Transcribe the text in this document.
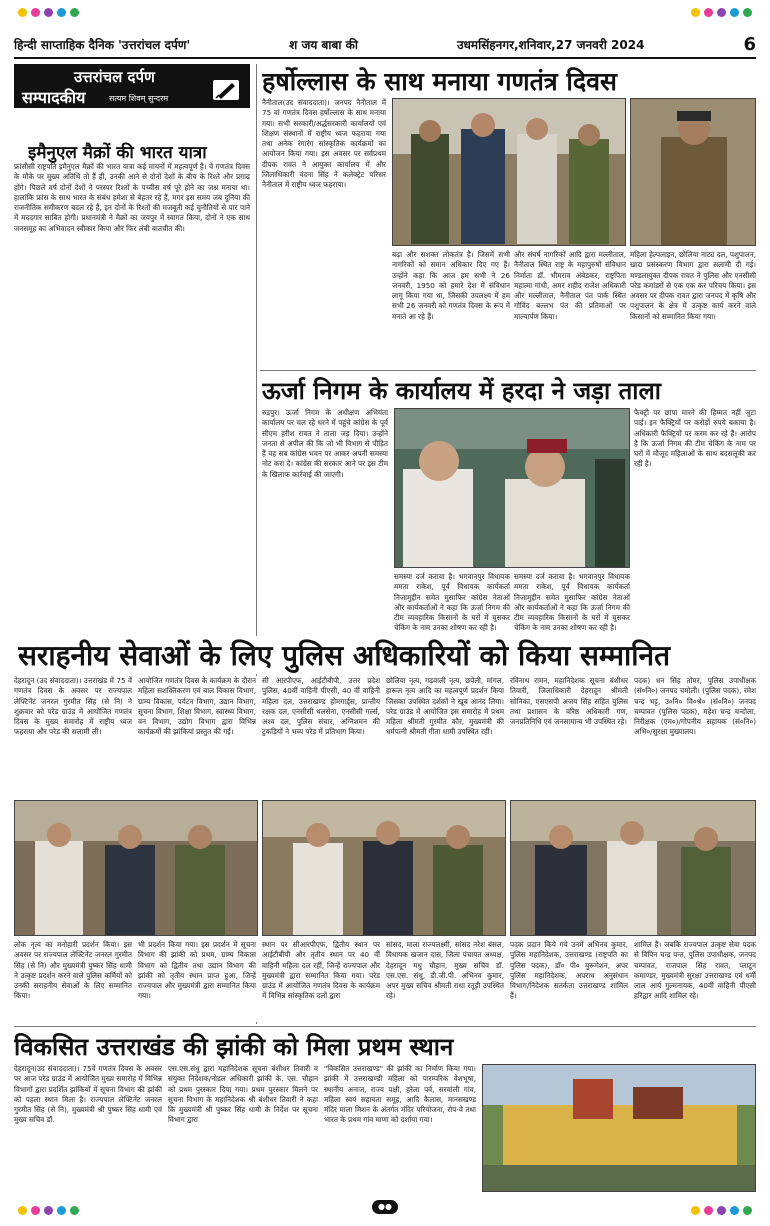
हिन्दी साप्ताहिक दैनिक 'उत्तरांचल दर्पण'	श जय बाबा की	उधमसिंहनगर,शनिवार,27 जनवरी 2024	6
उत्तरांचल दर्पण
सम्पादकीय	सत्यम शिवम् सुन्दरम
इमैनुएल मैक्रों की भारत यात्रा
फ्रांसीसी राष्ट्रपति इमैनुएल मैक्रों की भारत यात्रा कई मायनों में महत्वपूर्ण है। वे गणतंत्र दिवस के मौके पर मुख्य अतिथि तो हैं ही, उनकी आने से दोनों देशों के बीच के रिश्ते और प्रगाढ़ होंगे। पिछले वर्ष दोनों देशों ने परस्पर रिश्तों के पच्चीस वर्ष पूरे होने का जश्न मनाया था। हालांकि फ्रांस के साथ भारत के संबंध हमेशा से बेहतर रहे हैं, मगर इस समय जब दुनिया की राजनीतिक समीकरण बदल रहे हैं, इन दोनों के रिश्तों की मजबूती कई चुनौतियों से पार पाने में मददगार साबित होगी। प्रधानमंत्री ने मैक्रों का जयपुर में स्वागत किया, दोनों ने एक साथ जनसमूह का अभिवादन स्वीकार किया और फिर लंबी बातचीत की।
हर्षोल्लास के साथ मनाया गणतंत्र दिवस
नैनीताल(उद संवाददाता)। जनपद नैनीताल में 75 वां गणतंत्र दिवस हर्षोल्लास के साथ मनाया गया। सभी सरकारी/अर्द्धसरकारी कार्यालयों एवं शिक्षण संस्थानों में राष्ट्रीय ध्वज फहराया गया तथा अनेक रंगारंग सांस्कृतिक कार्यक्रमों का आयोजन किया गया। इस अवसर पर सर्वप्रथम दीपक रावत ने आयुक्त कार्यालय में और जिलाधिकारी वंदना सिंह ने कलेक्ट्रेट परिसर नैनीताल में राष्ट्रीय ध्वज फहराया।
बढ़ा और सशक्त लोकतंत्र है। जिसमें सभी नागरिकों को समान अधिकार दिए गए हैं। उन्होंने कहा कि आज हम सभी ने 26 जनवरी, 1950 को हमारे देश में संविधान लागू किया गया था, जिसकी उपलक्ष्य में हम सभी 26 जनवरी को गणतंत्र दिवस के रूप में मनाते आ रहे हैं।
और संघर्ष नागरिकों आदि द्वारा मल्लीताल, नैनीताल स्थित राष्ट्र के महापुरुषों संविधान निर्माता डॉ. भीमराव अंबेडकर, राष्ट्रपिता महात्मा गांधी, अमर शहीद राजेश अधिकारी और मल्लीताल, नैनीताल पंत पार्क स्थित गोविंद बल्लभ पंत की प्रतिमाओं पर माल्यार्पण किया।
महिला हेल्पलाइन, छोलिया नाट्य दल, पशुपालन, खाद्य प्रसंस्करण विभाग द्वारा सलामी दी गई। मण्डलायुक्त दीपक रावत ने पुलिस और एनसीसी परेड कमांडरों से एक एक कर परिचय किया। इस अवसर पर दीपक रावत द्वारा जनपद में कृषि और पशुपालन के क्षेत्र में उत्कृष्ट कार्य करने वाले किसानों को सम्मानित किया गया।
ऊर्जा निगम के कार्यालय में हरदा ने जड़ा ताला
रुद्रपुर। ऊर्जा निगम के अधीक्षण अभियंता कार्यालय पर चल रहे धरने में पहुंचे कांग्रेस के पूर्व सीएम हरीश रावत ने ताला जड़ दिया। उन्होंने जनता से अपील की कि जो भी विभाग से पीड़ित हैं वह सब कांग्रेस भवन पर आकर अपनी समस्या नोट करा दें। कांग्रेस की सरकार आने पर इस टीम के खिलाफ कार्रवाई की जाएगी।
समस्या दर्ज कराया है। भगवानपुर विधायक ममता राकेश, पूर्व विधायक कार्यकर्ता निजामुद्दीन समेत मुसाफिर कांग्रेस नेताओं और कार्यकर्ताओं ने कहा कि ऊर्जा निगम की टीम व्यवहारिक किसानों के घरों में घुसकर चेकिंग के नाम उनका शोषण कर रही है।
समस्या दर्ज कराया है। भगवानपुर विधायक ममता राकेश, पूर्व विधायक कार्यकर्ता निजामुद्दीन समेत मुसाफिर कांग्रेस नेताओं और कार्यकर्ताओं ने कहा कि ऊर्जा निगम की टीम व्यवहारिक किसानों के घरों में घुसकर चेकिंग के नाम उनका शोषण कर रही है।
फैक्ट्री पर छापा मारने की हिम्मत नहीं जुटा पाई। इन फैक्ट्रियों पर करोड़ों रुपये बकाया है। अधिकारी फैक्ट्रियों पर करम कर रहे हैं। आरोप है कि ऊर्जा निगम की टीम चेकिंग के नाम पर घरों में मौजूद महिलाओं के साथ बदसलूकी कर रही है।
सराहनीय सेवाओं के लिए पुलिस अधिकारियों को किया सम्मानित
विकसित उत्तराखंड की झांकी को मिला प्रथम स्थान
देहरादून(उद संवाददाता)। 75वें गणतंत्र दिवस के अवसर पर आज परेड ग्राउंड में आयोजित मुख्य समारोह में विभिन्न विभागों द्वारा प्रदर्शित झांकियों में सूचना विभाग की झांकी को पहला स्थान मिला है। राज्यपाल लेफ्टिनेंट जनरल गुरमीत सिंह (से नि), मुख्यमंत्री श्री पुष्कर सिंह धामी एवं मुख्य सचिव डॉ.
एस.एस.संधु द्वारा महानिदेशक सूचना बंशीधर तिवारी व संयुक्त निदेशक/नोडल अधिकारी झांकी के. एस. चौहान को प्रथम पुरस्कार दिया गया। प्रथम पुरस्कार मिलने पर सूचना विभाग के महानिदेशक श्री बंशीधर तिवारी ने कहा कि मुख्यमंत्री श्री पुष्कर सिंह धामी के निर्देश पर सूचना विभाग द्वारा
"विकसित उत्तराखण्ड" की झांकी का निर्माण किया गया। झांकी में उत्तराखण्डी महिला को पारम्परिक वेशभूषा, स्थानीय अनाज, राज्य पक्षी, हरेला पर्व, सरयांली गांव, महिला स्वयं सहायता समूह, आदि कैलास, मानसखण्ड मंदिर माला मिशन के अंतर्गत मंदिर परियोजना, रोप-वे तथा भारत के प्रथम गांव माणा को दर्शाया गया।
देहरादून (उद संवाददाता)। उत्तराखंड में 75 वें गणतंत्र दिवस के अवसर पर राज्यपाल लेफ्टिनेंट जनरल गुरमीत सिंह (से नि) ने शुक्रवार को परेड ग्राउंड में आयोजित गणतंत्र दिवस के मुख्य समारोह में राष्ट्रीय ध्वज फहराया और परेड की सलामी ली।
आयोजित गणतंत्र दिवस के कार्यक्रम के दौरान महिला सशक्तिकरण एवं बाल विकास विभाग, ग्राम्य विकास, पर्यटन विभाग, उद्यान विभाग, सूचना विभाग, शिक्षा विभाग, स्वास्थ्य विभाग, वन विभाग, उद्योग विभाग द्वारा विभिन्न कार्यक्रमों की झांकियां प्रस्तुत की गईं।
सी आरपीएफ, आईटीबीपी, उत्तर प्रदेश पुलिस, 40वीं वाहिनी पीएसी, 40 वीं वाहिनी महिला दल, उत्तराखण्ड होमगार्ड्स, प्रान्तीय रक्षक दल, एनसीसी थलसेना, एनसीसी गर्ल्स, अश्व दल, पुलिस संचार, अग्निशमन की टुकड़ियों ने भव्य परेड में प्रतिभाग किया।
छोलिया नृत्य, गढ़वाली नृत्य, छपेली, मांगल, हारूल नृत्य आदि का महत्वपूर्ण प्रदर्शन किया जिसका उपस्थित दर्शकों ने खूब आनंद लिया। परेड ग्राउंड में आयोजित इस समारोह में प्रथम महिला श्रीमती गुरमीत कौर, मुख्यमंत्री की धर्मपत्नी श्रीमती गीता धामी उपस्थित रहीं।
रविनाथ रामन, महानिदेशक सूचना बंशीधर तिवारी, जिलाधिकारी देहरादून श्रीमती सोनिका, एसएसपी अजय सिंह सहित पुलिस तथा प्रशासन के वरिष्ठ अधिकारी गण, जनप्रतिनिधि एवं जनसामान्य भी उपस्थित रहे।
पदक) धन सिंह तोमर, पुलिस उपाधीक्षक (सं०नि०) जनपद चमोली। (पुलिस पदक), रमेश चन्द्र भट्ट, उ०नि० वि०श्रे० (सं०नि०) जनपद चम्पावत (पुलिस पदक), महेश चन्द्र चन्दोला, निरीक्षक (एम०)/गोपनीय सहायक (सं०नि०) अभि०/सुरक्षा मुख्यालय।
लोक नृत्य का मनोहारी प्रदर्शन किया। इस अवसर पर राज्यपाल लेफ्टिनेंट जनरल गुरमीत सिंह (से नि) और मुख्यमंत्री पुष्कर सिंह धामी ने उत्कृष्ट प्रदर्शन करने वाले पुलिस कर्मियों को उनकी सराहनीय सेवाओं के लिए सम्मानित किया।
भी प्रदर्शन किया गया। इस प्रदर्शन में सूचना विभाग की झांकी को प्रथम, ग्राम्य विकास विभाग को द्वितीय तथा उद्यान विभाग की झांकी को तृतीय स्थान प्राप्त हुआ, जिन्हें राज्यपाल और मुख्यमंत्री द्वारा सम्मानित किया गया।
स्थान पर सीआरपीएफ, द्वितीय स्थान पर आईटीबीपी और तृतीय स्थान पर 40 वीं वाहिनी महिला दल रहीं, जिन्हें राज्यपाल और मुख्यमंत्री द्वारा सम्मानित किया गया। परेड ग्राउंड में आयोजित गणतंत्र दिवस के कार्यक्रम में विभिन्न सांस्कृतिक दलों द्वारा
सांसद, माला राज्यलक्ष्मी, सांसद नरेश बंसल, विधायक खजान दास, जिला पंचायत अध्यक्ष, देहरादून मधु चौहान, मुख्य सचिव डॉ. एस.एस. संधु, डी.जी.पी. अभिनव कुमार, अपर मुख्य सचिव श्रीमती राधा रतूड़ी उपस्थित रहे।
पदक प्रदान किये गये उनमें अभिनव कुमार, पुलिस महानिदेशक, उत्तराखण्ड (राष्ट्रपति का पुलिस पदक), डॉ० पी० मुरूगेशन, अपर पुलिस महानिदेशक, अपराध अनुसंधान विभाग/निदेशक सतर्कता उत्तराखण्ड शामिल हैं।
शामिल हैं। जबकि राज्यपाल उत्कृष्ट सेवा पदक से विपिन चन्द्र पन्त, पुलिस उपाधीक्षक, जनपद चम्पावत, राजपाल सिंह रावत, प्लाटून कमाण्डर, मुख्यमंत्री सुरक्षा उत्तराखण्ड एवं धर्मी लाल आर्य गुल्मनायक, 40वीं वाहिनी पीएसी हरिद्वार आदि शामिल रहे।
●●
